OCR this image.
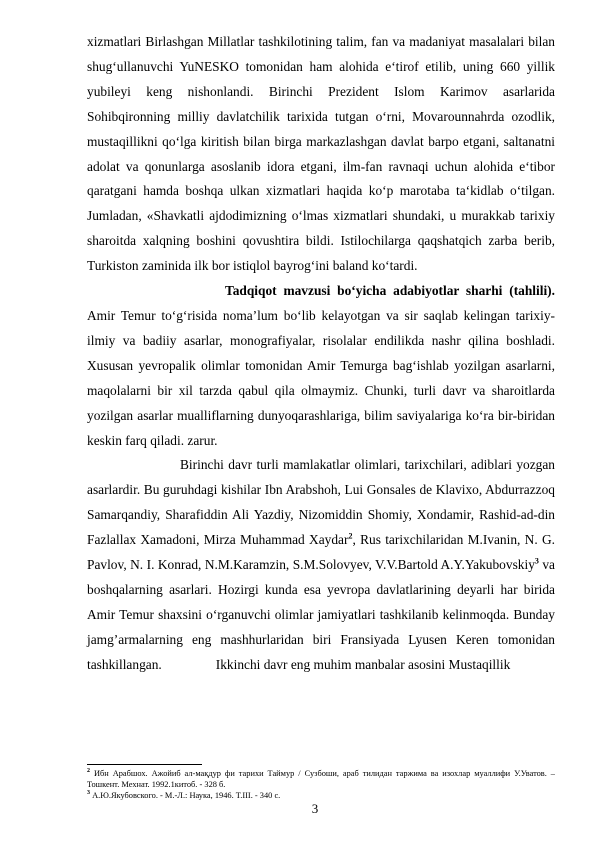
xizmatlari Birlashgan Millatlar tashkilotining talim, fan va madaniyat masalalari bilan shug‘ullanuvchi YuNESKO tomonidan ham alohida e‘tirof etilib, uning 660 yillik yubileyi keng nishonlandi. Birinchi Prezident Islom Karimov asarlarida Sohibqironning milliy davlatchilik tarixida tutgan o‘rni, Movarounnahrda ozodlik, mustaqillikni qo‘lga kiritish bilan birga markazlashgan davlat barpo etgani, saltanatni adolat va qonunlarga asoslanib idora etgani, ilm-fan ravnaqi uchun alohida e‘tibor qaratgani hamda boshqa ulkan xizmatlari haqida ko‘p marotaba ta‘kidlab o‘tilgan. Jumladan, «Shavkatli ajdodimizning o‘lmas xizmatlari shundaki, u murakkab tarixiy sharoitda xalqning boshini qovushtira bildi. Istilochilarga qaqshatqich zarba berib, Turkiston zaminida ilk bor istiqlol bayrog‘ini baland ko‘tardi.

Tadqiqot mavzusi bo‘yicha adabiyotlar sharhi (tahlili). Amir Temur to‘g‘risida noma’lum bo‘lib kelayotgan va sir saqlab kelingan tarixiy-ilmiy va badiiy asarlar, monografiyalar, risolalar endilikda nashr qilina boshladi. Xususan yevropalik olimlar tomonidan Amir Temurga bag‘ishlab yozilgan asarlarni, maqolalarni bir xil tarzda qabul qila olmaymiz. Chunki, turli davr va sharoitlarda yozilgan asarlar mualliflarning dunyoqarashlariga, bilim saviyalariga ko‘ra bir-biridan keskin farq qiladi. zarur.

Birinchi davr turli mamlakatlar olimlari, tarixchilari, adiblari yozgan asarlardir. Bu guruhdagi kishilar Ibn Arabshoh, Lui Gonsales de Klavixo, Abdurrazzoq Samarqandiy, Sharafiddin Ali Yazdiy, Nizomiddin Shomiy, Xondamir, Rashid-ad-din Fazlallax Xamadoni, Mirza Muhammad Xaydar$^2$, Rus tarixchilaridan M.Ivanin, N. G. Pavlov, N. I. Konrad, N.M.Karamzin, S.M.Solovyev, V.V.Bartold A.Y.Yakubovskiy$^3$ va boshqalarning asarlari. Hozirgi kunda esa yevropa davlatlarining deyarli har birida Amir Temur shaxsini o‘rganuvchi olimlar jamiyatlari tashkilanib kelinmoqda. Bunday jamg’armalarning eng mashhurlaridan biri Fransiyada Lyusen Keren tomonidan tashkillangan.	Ikkinchi davr eng muhim manbalar asosini Mustaqillik

$^2$ Ибн Арабшох. Ажойиб ал-мақдур фи тарихи Таймур / Сузбоши, араб тилидан таржима ва изохлар муаллифи У.Уватов. – Тошкент. Мехнат. 1992.1китоб. - 328 б.

$^3$ А.Ю.Якубовского. - М.-Л.: Наука, 1946. T.III. - 340 с.

3
